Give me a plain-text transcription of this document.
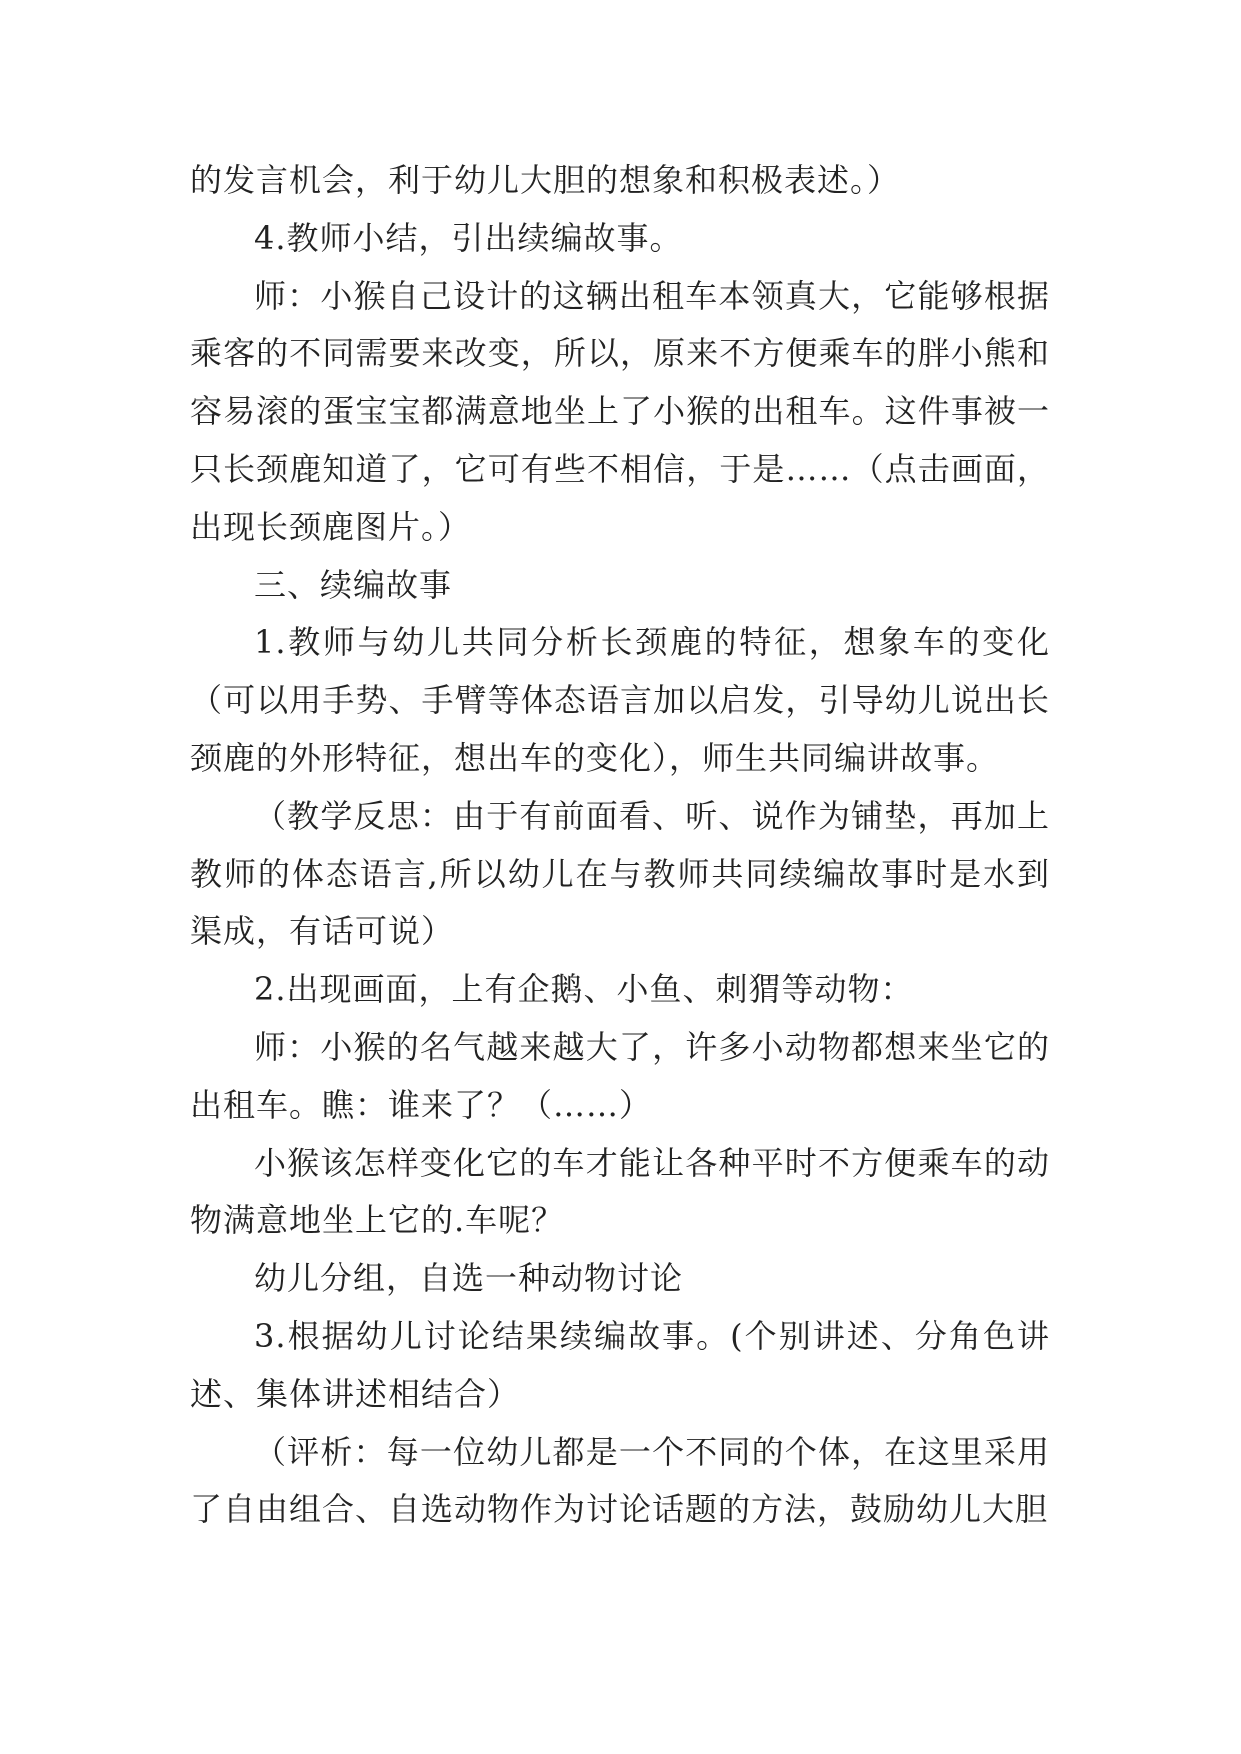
的发言机会，利于幼儿大胆的想象和积极表述。）

4.教师小结，引出续编故事。

师：小猴自己设计的这辆出租车本领真大，它能够根据乘客的不同需要来改变，所以，原来不方便乘车的胖小熊和容易滚的蛋宝宝都满意地坐上了小猴的出租车。这件事被一只长颈鹿知道了，它可有些不相信，于是……（点击画面，出现长颈鹿图片。）

三、续编故事

1.教师与幼儿共同分析长颈鹿的特征，想象车的变化（可以用手势、手臂等体态语言加以启发，引导幼儿说出长颈鹿的外形特征，想出车的变化），师生共同编讲故事。

（教学反思：由于有前面看、听、说作为铺垫，再加上教师的体态语言,所以幼儿在与教师共同续编故事时是水到渠成，有话可说）

2.出现画面，上有企鹅、小鱼、刺猬等动物：

师：小猴的名气越来越大了，许多小动物都想来坐它的出租车。瞧：谁来了？（……）

小猴该怎样变化它的车才能让各种平时不方便乘车的动物满意地坐上它的.车呢？

幼儿分组，自选一种动物讨论

3.根据幼儿讨论结果续编故事。(个别讲述、分角色讲述、集体讲述相结合）

（评析：每一位幼儿都是一个不同的个体，在这里采用了自由组合、自选动物作为讨论话题的方法，鼓励幼儿大胆
